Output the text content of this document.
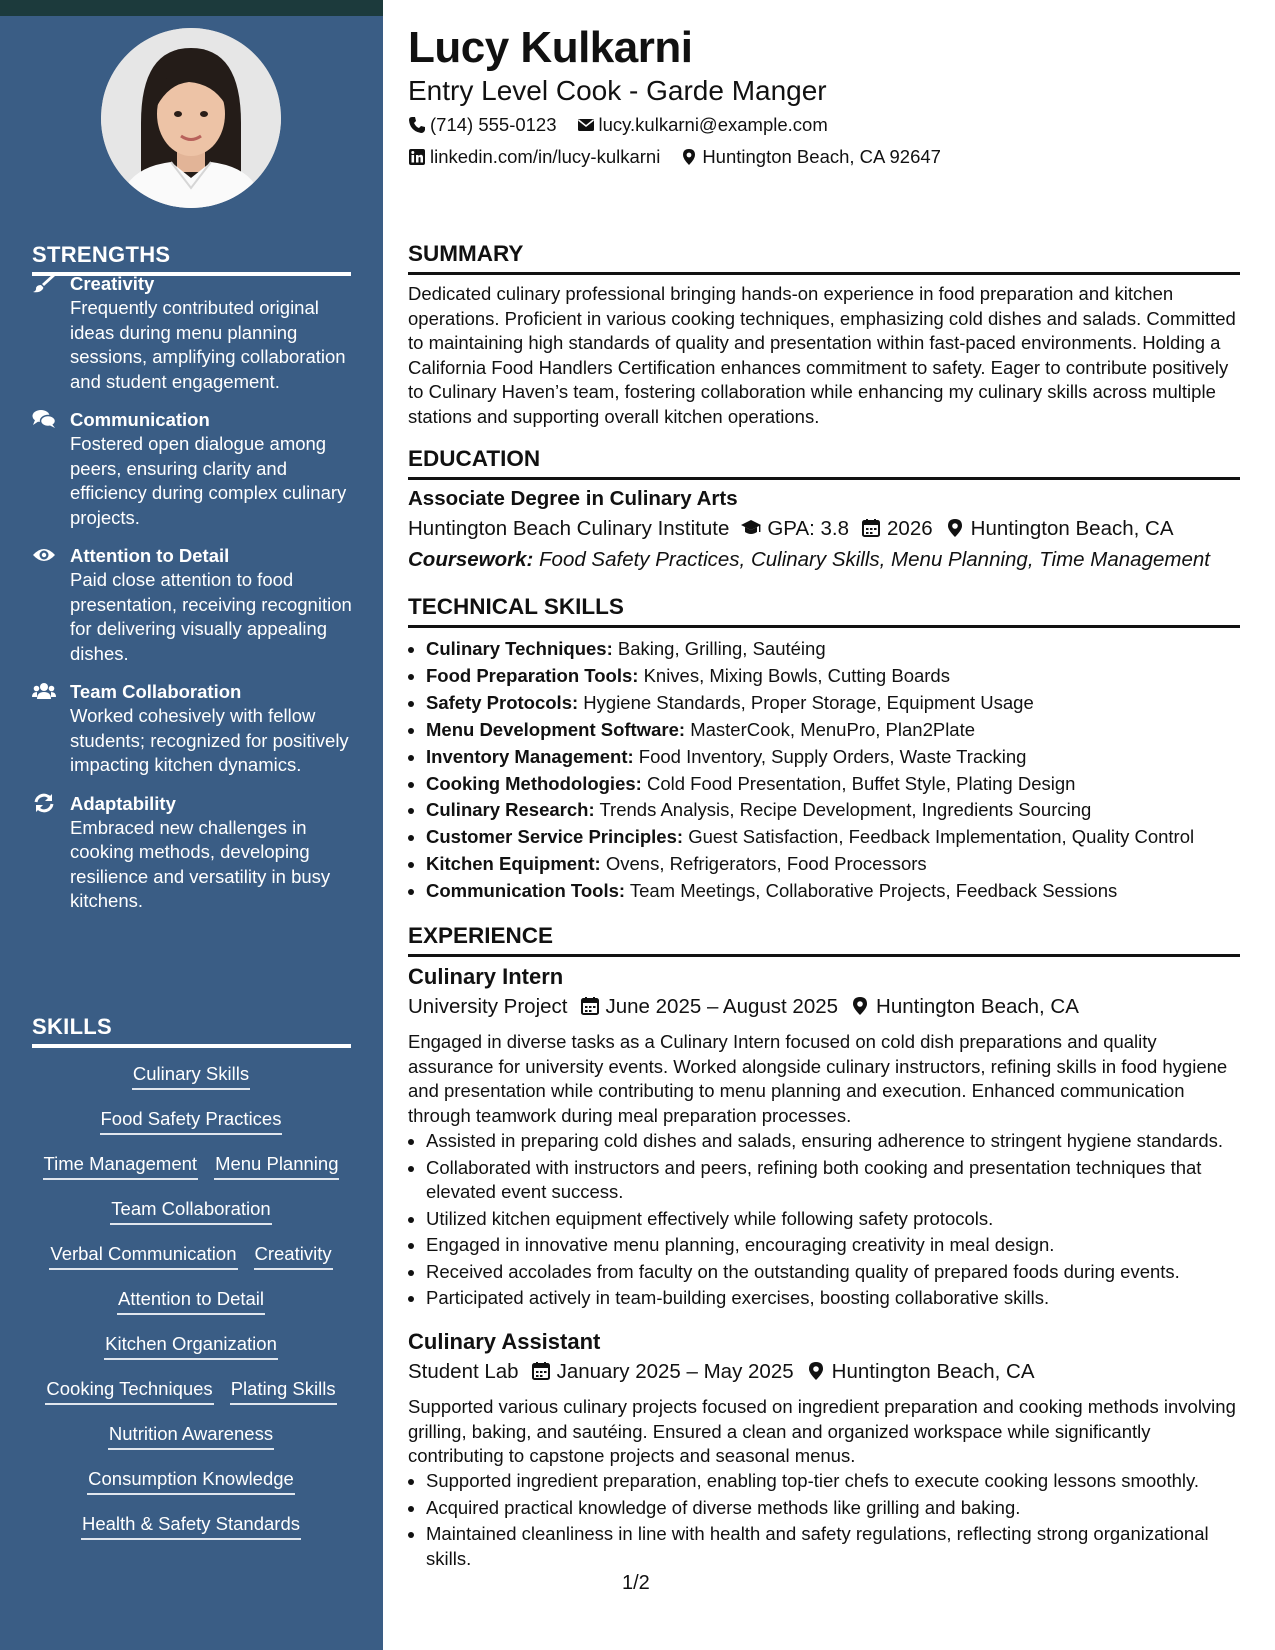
STRENGTHS
Creativity
Frequently contributed original ideas during menu planning sessions, amplifying collaboration and student engagement.
Communication
Fostered open dialogue among peers, ensuring clarity and efficiency during complex culinary projects.
Attention to Detail
Paid close attention to food presentation, receiving recognition for delivering visually appealing dishes.
Team Collaboration
Worked cohesively with fellow students; recognized for positively impacting kitchen dynamics.
Adaptability
Embraced new challenges in cooking methods, developing resilience and versatility in busy kitchens.
SKILLS
Culinary Skills
Food Safety Practices
Time Management Menu Planning
Team Collaboration
Verbal Communication Creativity
Attention to Detail
Kitchen Organization
Cooking Techniques Plating Skills
Nutrition Awareness
Consumption Knowledge
Health & Safety Standards
Lucy Kulkarni
Entry Level Cook - Garde Manger
(714) 555-0123 lucy.kulkarni@example.com
linkedin.com/in/lucy-kulkarni Huntington Beach, CA 92647
SUMMARY

Dedicated culinary professional bringing hands-on experience in food preparation and kitchen operations. Proficient in various cooking techniques, emphasizing cold dishes and salads. Committed to maintaining high standards of quality and presentation within fast-paced environments. Holding a California Food Handlers Certification enhances commitment to safety. Eager to contribute positively to Culinary Haven’s team, fostering collaboration while enhancing my culinary skills across multiple stations and supporting overall kitchen operations.

EDUCATION
Associate Degree in Culinary Arts
Huntington Beach Culinary Institute GPA: 3.8 2026 Huntington Beach, CA
Coursework: Food Safety Practices, Culinary Skills, Menu Planning, Time Management
TECHNICAL SKILLS
• Culinary Techniques: Baking, Grilling, Sautéing
• Food Preparation Tools: Knives, Mixing Bowls, Cutting Boards
• Safety Protocols: Hygiene Standards, Proper Storage, Equipment Usage
• Menu Development Software: MasterCook, MenuPro, Plan2Plate
• Inventory Management: Food Inventory, Supply Orders, Waste Tracking
• Cooking Methodologies: Cold Food Presentation, Buffet Style, Plating Design
• Culinary Research: Trends Analysis, Recipe Development, Ingredients Sourcing
• Customer Service Principles: Guest Satisfaction, Feedback Implementation, Quality Control
• Kitchen Equipment: Ovens, Refrigerators, Food Processors
• Communication Tools: Team Meetings, Collaborative Projects, Feedback Sessions
EXPERIENCE
Culinary Intern
University Project June 2025 – August 2025 Huntington Beach, CA

Engaged in diverse tasks as a Culinary Intern focused on cold dish preparations and quality assurance for university events. Worked alongside culinary instructors, refining skills in food hygiene and presentation while contributing to menu planning and execution. Enhanced communication through teamwork during meal preparation processes.

• Assisted in preparing cold dishes and salads, ensuring adherence to stringent hygiene standards.
• Collaborated with instructors and peers, refining both cooking and presentation techniques that elevated event success.
• Utilized kitchen equipment effectively while following safety protocols.
• Engaged in innovative menu planning, encouraging creativity in meal design.
• Received accolades from faculty on the outstanding quality of prepared foods during events.
• Participated actively in team-building exercises, boosting collaborative skills.
Culinary Assistant
Student Lab January 2025 – May 2025 Huntington Beach, CA

Supported various culinary projects focused on ingredient preparation and cooking methods involving grilling, baking, and sautéing. Ensured a clean and organized workspace while significantly contributing to capstone projects and seasonal menus.

• Supported ingredient preparation, enabling top-tier chefs to execute cooking lessons smoothly.
• Acquired practical knowledge of diverse methods like grilling and baking.
• Maintained cleanliness in line with health and safety regulations, reflecting strong organizational skills.
1/2
